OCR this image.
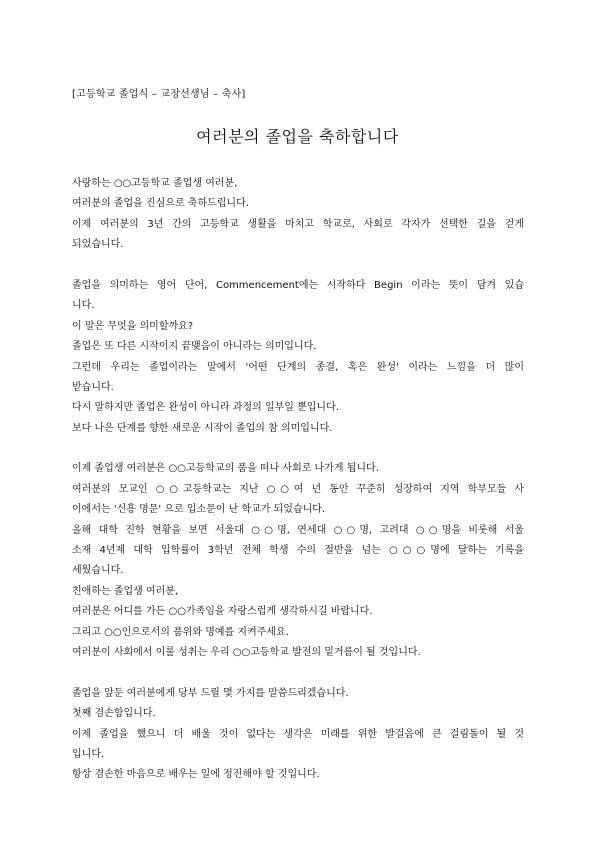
[고등학교 졸업식 – 교장선생님 – 축사]
여러분의 졸업을 축하합니다
사랑하는 ○○고등학교 졸업생 여러분,
여러분의 졸업을 진심으로 축하드립니다.
이제 여러분의 3년 간의 고등학교 생활을 마치고 학교로, 사회로 각자가 선택한 길을 걷게
되었습니다.
졸업을 의미하는 영어 단어, Commencement에는 시작하다 Begin 이라는 뜻이 담겨 있습
니다.
이 말은 무엇을 의미할까요?
졸업은 또 다른 시작이지 끝맺음이 아니라는 의미입니다.
그런데 우리는 졸업이라는 말에서 '어떤 단계의 종결, 혹은 완성' 이라는 느낌을 더 많이
받습니다.
다시 말하지만 졸업은 완성이 아니라 과정의 일부일 뿐입니다.
보다 나은 단계를 향한 새로운 시작이 졸업의 참 의미입니다.
이제 졸업생 여러분은 ○○고등학교의 품을 떠나 사회로 나가게 됩니다.
여러분의 모교인 ○○고등학교는 지난 ○○여 년 동안 꾸준히 성장하여 지역 학부모들 사
이에서는 '신흥 명문' 으로 입소문이 난 학교가 되었습니다.
올해 대학 진학 현황을 보면 서울대 ○○명, 연세대 ○○명, 고려대 ○○명을 비롯해 서울
소재 4년제 대학 입학률이 3학년 전체 학생 수의 절반을 넘는 ○○○명에 달하는 기록을
세웠습니다.
친애하는 졸업생 여러분,
여러분은 어디를 가든 ○○가족임을 자랑스럽게 생각하시길 바랍니다.
그리고 ○○인으로서의 품위와 명예를 지켜주세요.
여러분이 사회에서 이룰 성취는 우리 ○○고등학교 발전의 밑거름이 될 것입니다.
졸업을 앞둔 여러분에게 당부 드릴 몇 가지를 말씀드리겠습니다.
첫째 겸손함입니다.
이제 졸업을 했으니 더 배울 것이 없다는 생각은 미래를 위한 발걸음에 큰 걸림돌이 될 것
입니다.
항상 겸손한 마음으로 배우는 일에 정진해야 할 것입니다.
